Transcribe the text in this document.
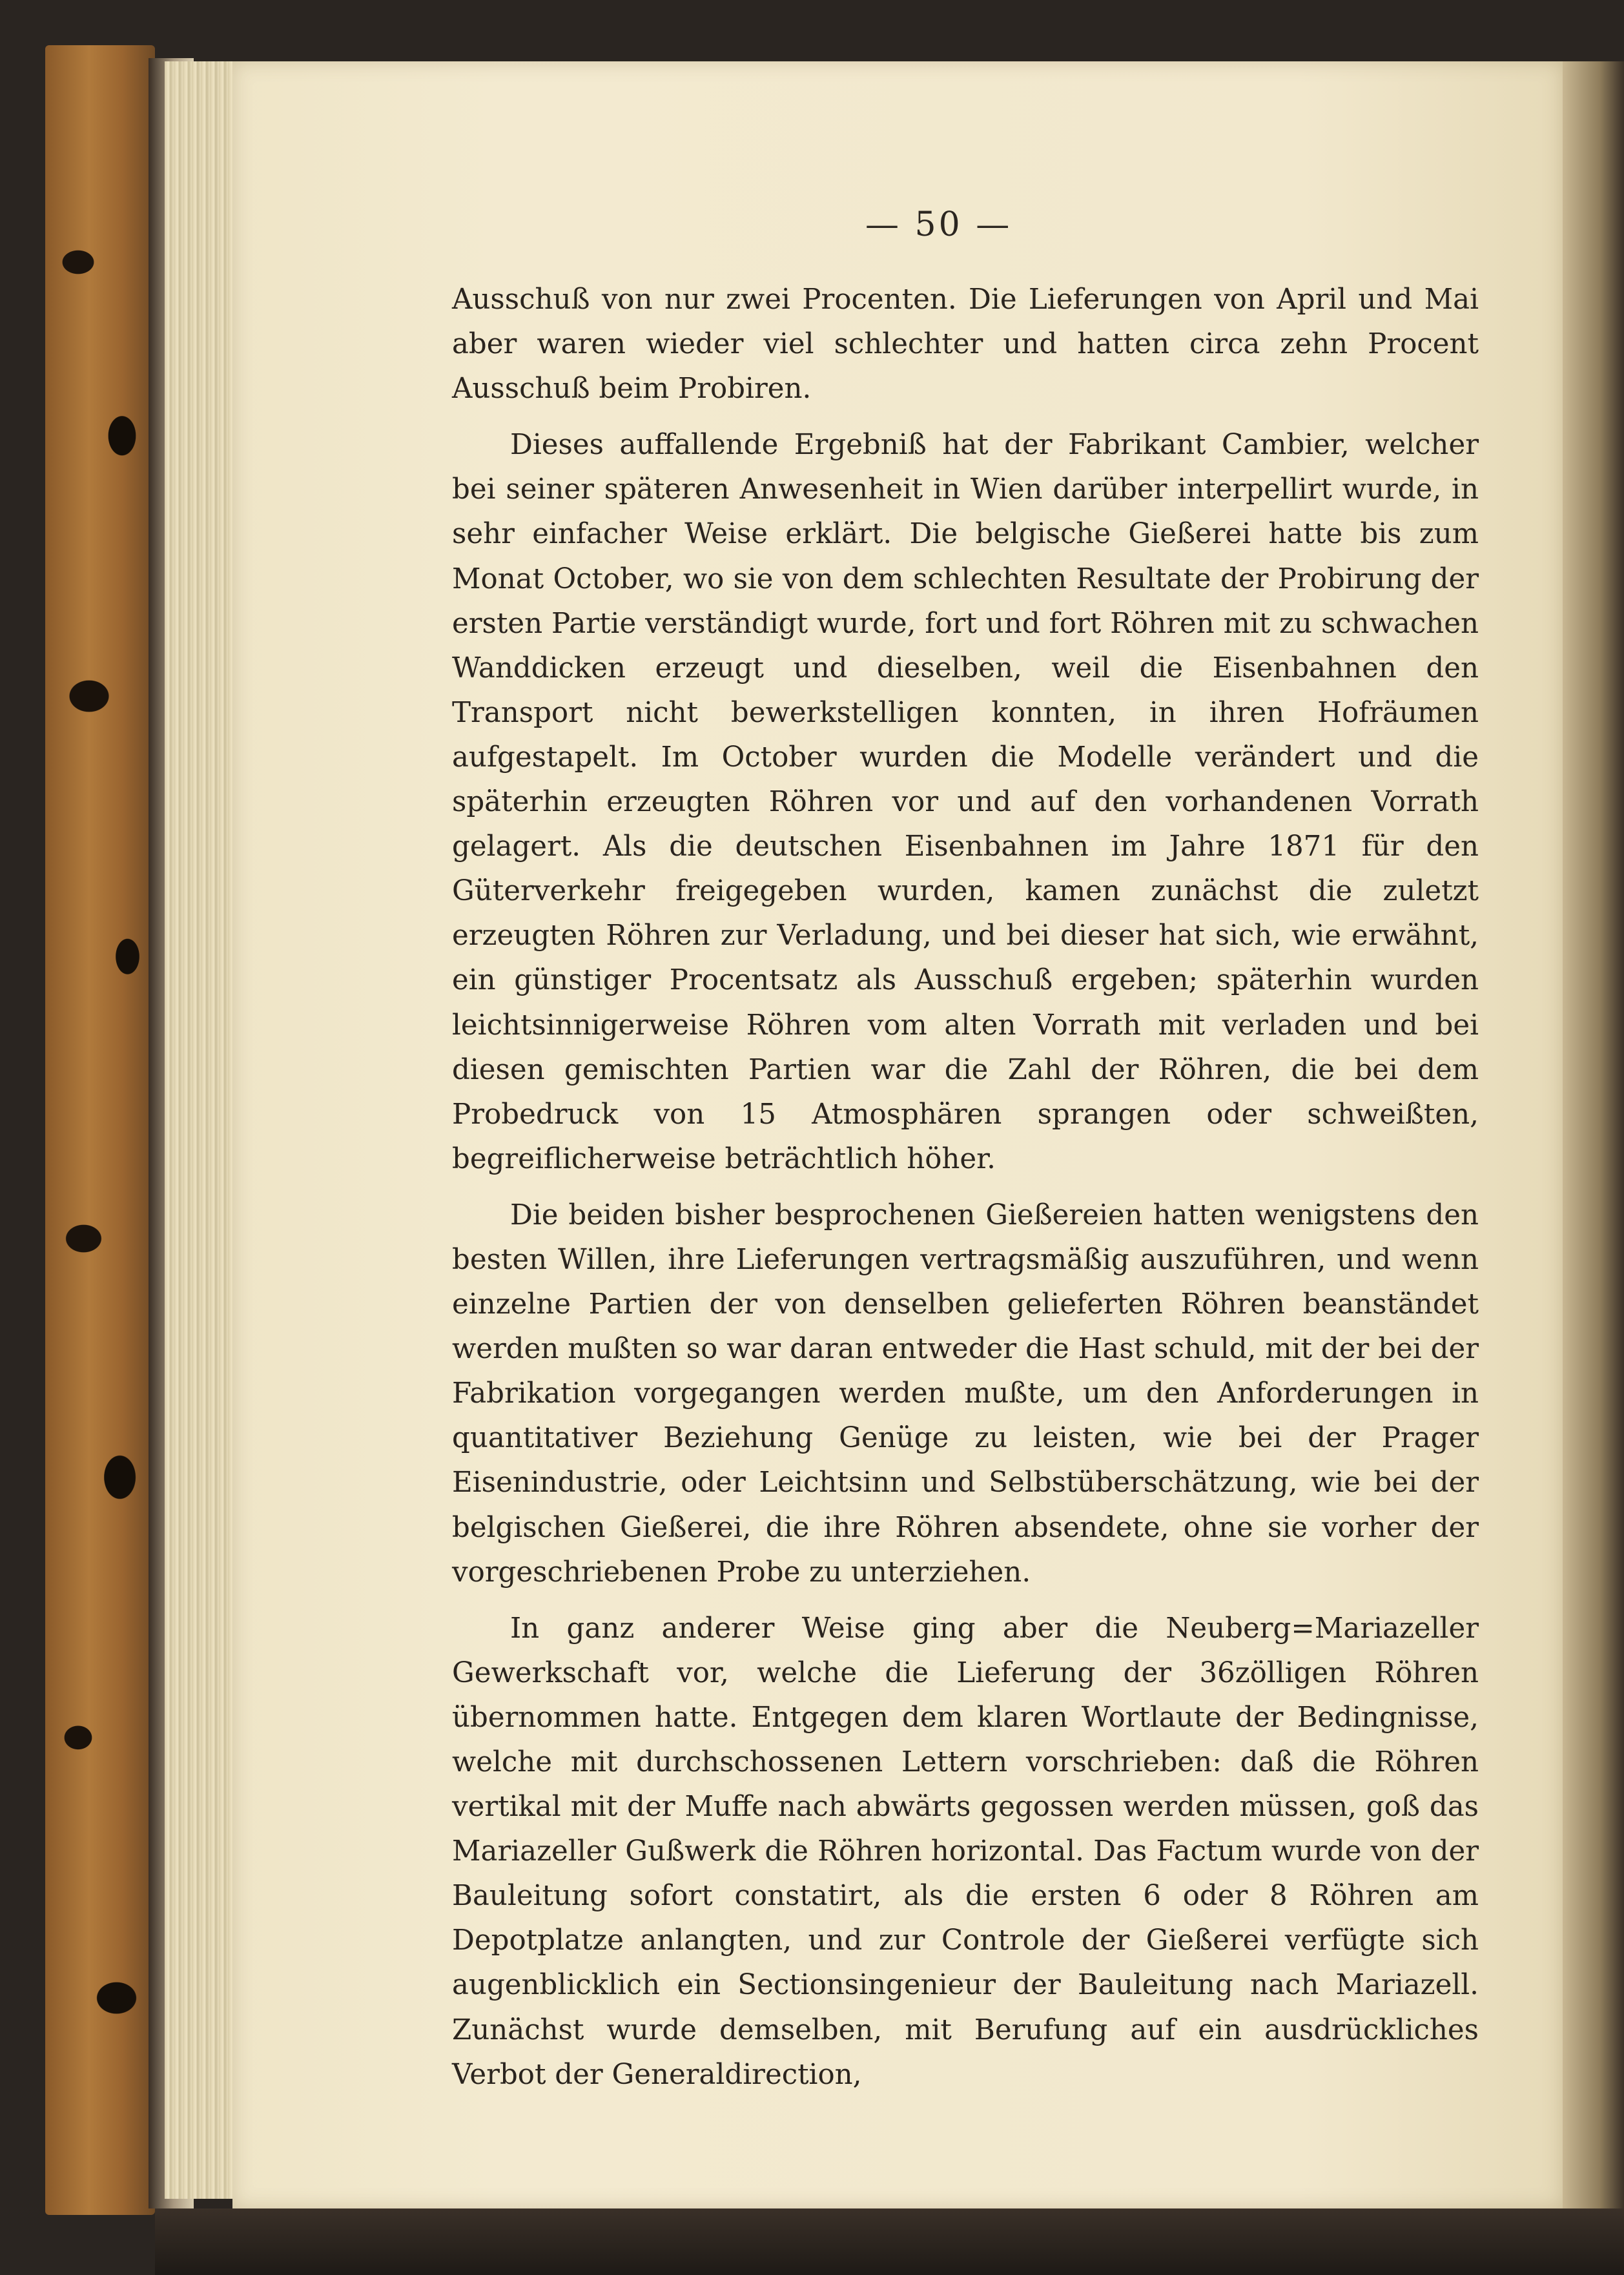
— 50 —

Ausschuß von nur zwei Procenten. Die Lieferungen von April und Mai aber waren wieder viel schlechter und hatten circa zehn Procent Ausschuß beim Probiren.

Dieses auffallende Ergebniß hat der Fabrikant Cambier, welcher bei seiner späteren Anwesenheit in Wien darüber interpellirt wurde, in sehr einfacher Weise erklärt. Die belgische Gießerei hatte bis zum Monat October, wo sie von dem schlechten Resultate der Probirung der ersten Partie verständigt wurde, fort und fort Röhren mit zu schwachen Wanddicken erzeugt und dieselben, weil die Eisenbahnen den Transport nicht bewerkstelligen konnten, in ihren Hofräumen aufgestapelt. Im October wurden die Modelle verändert und die späterhin erzeugten Röhren vor und auf den vorhandenen Vorrath gelagert. Als die deutschen Eisenbahnen im Jahre 1871 für den Güterverkehr freigegeben wurden, kamen zunächst die zuletzt erzeugten Röhren zur Verladung, und bei dieser hat sich, wie erwähnt, ein günstiger Procentsatz als Ausschuß ergeben; späterhin wurden leichtsinnigerweise Röhren vom alten Vorrath mit verladen und bei diesen gemischten Partien war die Zahl der Röhren, die bei dem Probedruck von 15 Atmosphären sprangen oder schweißten, begreiflicherweise beträchtlich höher.

Die beiden bisher besprochenen Gießereien hatten wenigstens den besten Willen, ihre Lieferungen vertragsmäßig auszuführen, und wenn einzelne Partien der von denselben gelieferten Röhren beanständet werden mußten so war daran entweder die Hast schuld, mit der bei der Fabrikation vorgegangen werden mußte, um den Anforderungen in quantitativer Beziehung Genüge zu leisten, wie bei der Prager Eisenindustrie, oder Leichtsinn und Selbstüberschätzung, wie bei der belgischen Gießerei, die ihre Röhren absendete, ohne sie vorher der vorgeschriebenen Probe zu unterziehen.

In ganz anderer Weise ging aber die Neuberg=Mariazeller Gewerkschaft vor, welche die Lieferung der 36zölligen Röhren übernommen hatte. Entgegen dem klaren Wortlaute der Bedingnisse, welche mit durchschossenen Lettern vorschrieben: daß die Röhren vertikal mit der Muffe nach abwärts gegossen werden müssen, goß das Mariazeller Gußwerk die Röhren horizontal. Das Factum wurde von der Bauleitung sofort constatirt, als die ersten 6 oder 8 Röhren am Depotplatze anlangten, und zur Controle der Gießerei verfügte sich augenblicklich ein Sectionsingenieur der Bauleitung nach Mariazell. Zunächst wurde demselben, mit Berufung auf ein ausdrückliches Verbot der Generaldirection,
